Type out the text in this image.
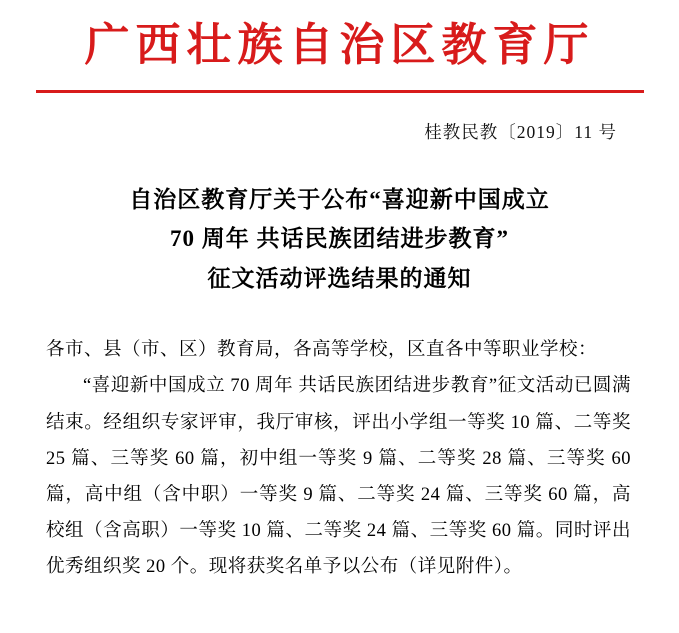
广西壮族自治区教育厅
桂教民教〔2019〕11 号
自治区教育厅关于公布“喜迎新中国成立
70 周年 共话民族团结进步教育”
征文活动评选结果的通知

各市、县（市、区）教育局，各高等学校，区直各中等职业学校：

“喜迎新中国成立 70 周年 共话民族团结进步教育”征文活动已圆满结束。经组织专家评审，我厅审核，评出小学组一等奖 10 篇、二等奖 25 篇、三等奖 60 篇，初中组一等奖 9 篇、二等奖 28 篇、三等奖 60 篇，高中组（含中职）一等奖 9 篇、二等奖 24 篇、三等奖 60 篇，高校组（含高职）一等奖 10 篇、二等奖 24 篇、三等奖 60 篇。同时评出优秀组织奖 20 个。现将获奖名单予以公布（详见附件）。
